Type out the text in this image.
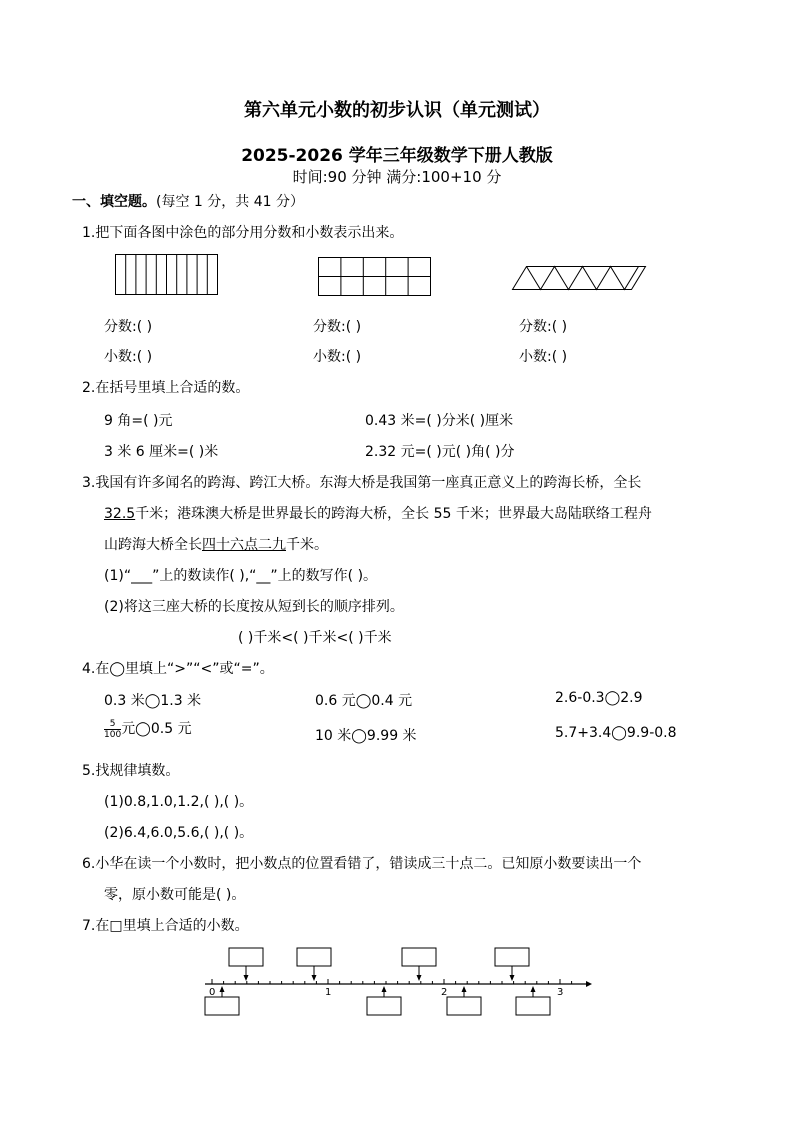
第六单元小数的初步认识（单元测试）
2025-2026 学年三年级数学下册人教版
时间:90 分钟 满分:100+10 分
一、填空题。(每空 1 分，共 41 分）
1.把下面各图中涂色的部分用分数和小数表示出来。
分数:( )	分数:( )	分数:( )
小数:( )	小数:( )	小数:( )
2.在括号里填上合适的数。
9 角=( )元	0.43 米=( )分米( )厘米
3 米 6 厘米=( )米	2.32 元=( )元( )角( )分
3.我国有许多闻名的跨海、跨江大桥。东海大桥是我国第一座真正意义上的跨海长桥，全长
32.5千米；港珠澳大桥是世界最长的跨海大桥，全长 55 千米；世界最大岛陆联络工程舟
山跨海大桥全长四十六点二九千米。
(1)“___”上的数读作( ),“__”上的数写作( )。
(2)将这三座大桥的长度按从短到长的顺序排列。
( )千米<( )千米<( )千米
4.在◯里填上“>”“<”或“=”。
0.3 米◯1.3 米	0.6 元◯0.4 元	2.6-0.3◯2.9
$\frac{5}{100}$ 元◯0.5 元	10 米◯9.99 米	5.7+3.4◯9.9-0.8
5.找规律填数。
(1)0.8,1.0,1.2,( ),( )。
(2)6.4,6.0,5.6,( ),( )。
6.小华在读一个小数时，把小数点的位置看错了，错读成三十点二。已知原小数要读出一个
零，原小数可能是( )。
7.在□里填上合适的小数。
0	1	2	3
